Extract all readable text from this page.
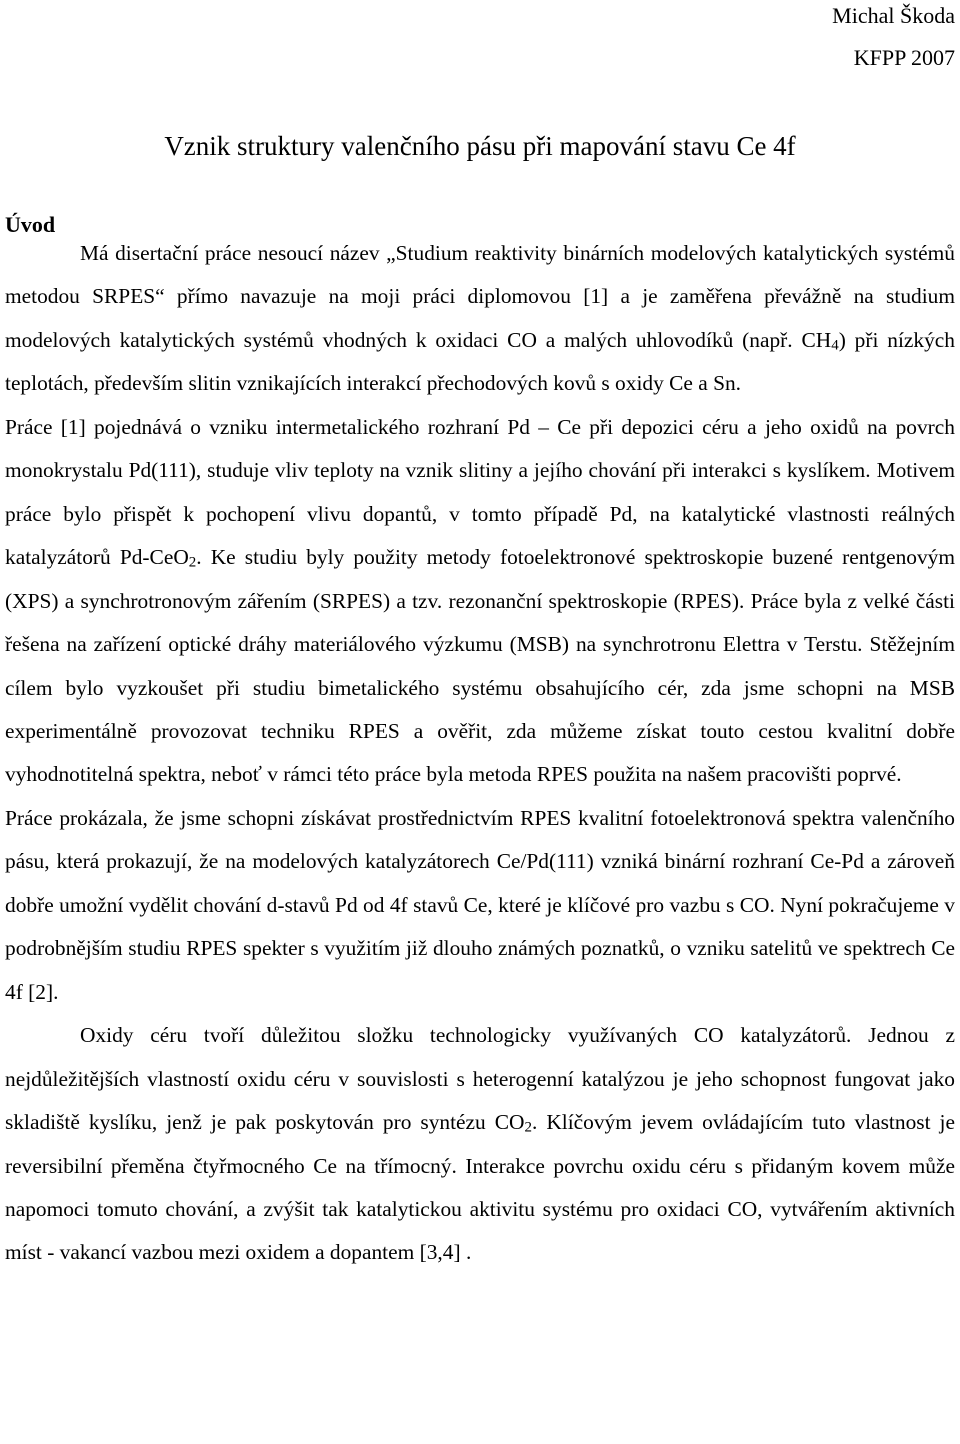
Michal Škoda
KFPP 2007
Vznik struktury valenčního pásu při mapování stavu Ce 4f
Úvod

Má disertační práce nesoucí název „Studium reaktivity binárních modelových katalytických systémů metodou SRPES“ přímo navazuje na moji práci diplomovou [1] a je zaměřena převážně na studium modelových katalytických systémů vhodných k oxidaci CO a malých uhlovodíků (např. $CH_4$) při nízkých teplotách, především slitin vznikajících interakcí přechodových kovů s oxidy Ce a Sn.

Práce [1] pojednává o vzniku intermetalického rozhraní Pd – Ce při depozici céru a jeho oxidů na povrch monokrystalu Pd(111), studuje vliv teploty na vznik slitiny a jejího chování při interakci s kyslíkem. Motivem práce bylo přispět k pochopení vlivu dopantů, v tomto případě Pd, na katalytické vlastnosti reálných katalyzátorů Pd-CeO$_2$. Ke studiu byly použity metody fotoelektronové spektroskopie buzené rentgenovým (XPS) a synchrotronovým zářením (SRPES) a tzv. rezonanční spektroskopie (RPES). Práce byla z velké části řešena na zařízení optické dráhy materiálového výzkumu (MSB) na synchrotronu Elettra v Terstu. Stěžejním cílem bylo vyzkoušet při studiu bimetalického systému obsahujícího cér, zda jsme schopni na MSB experimentálně provozovat techniku RPES a ověřit, zda můžeme získat touto cestou kvalitní dobře vyhodnotitelná spektra, neboť v rámci této práce byla metoda RPES použita na našem pracovišti poprvé.

Práce prokázala, že jsme schopni získávat prostřednictvím RPES kvalitní fotoelektronová spektra valenčního pásu, která prokazují, že na modelových katalyzátorech Ce/Pd(111) vzniká binární rozhraní Ce-Pd a zároveň dobře umožní vydělit chování d-stavů Pd od 4f stavů Ce, které je klíčové pro vazbu s CO. Nyní pokračujeme v podrobnějším studiu RPES spekter s využitím již dlouho známých poznatků, o vzniku satelitů ve spektrech Ce 4f [2].

Oxidy céru tvoří důležitou složku technologicky využívaných CO katalyzátorů. Jednou z nejdůležitějších vlastností oxidu céru v souvislosti s heterogenní katalýzou je jeho schopnost fungovat jako skladiště kyslíku, jenž je pak poskytován pro syntézu $CO_2$. Klíčovým jevem ovládajícím tuto vlastnost je reversibilní přeměna čtyřmocného Ce na třímocný. Interakce povrchu oxidu céru s přidaným kovem může napomoci tomuto chování, a zvýšit tak katalytickou aktivitu systému pro oxidaci CO, vytvářením aktivních míst - vakancí vazbou mezi oxidem a dopantem [3,4] .
